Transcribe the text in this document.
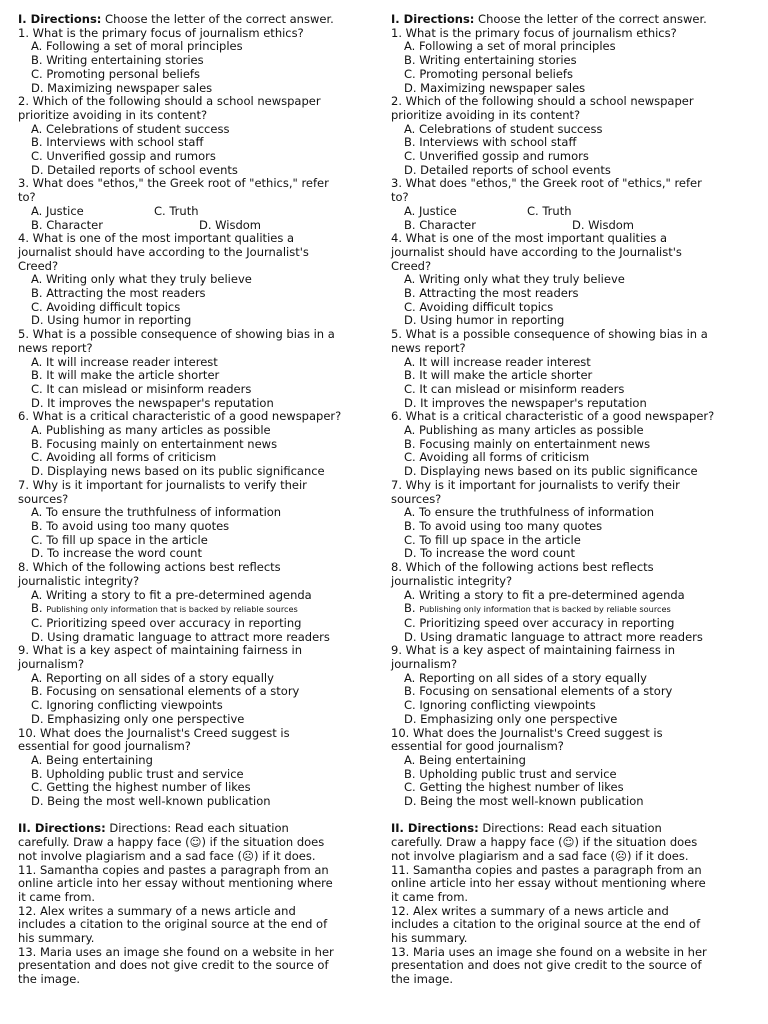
I. Directions: Choose the letter of the correct answer.
1. What is the primary focus of journalism ethics?
A. Following a set of moral principles
B. Writing entertaining stories
C. Promoting personal beliefs
D. Maximizing newspaper sales
2. Which of the following should a school newspaper
prioritize avoiding in its content?
A. Celebrations of student success
B. Interviews with school staff
C. Unverified gossip and rumors
D. Detailed reports of school events
3. What does "ethos," the Greek root of "ethics," refer
to?
A. Justice	C. Truth
B. Character	D. Wisdom
4. What is one of the most important qualities a
journalist should have according to the Journalist's
Creed?
A. Writing only what they truly believe
B. Attracting the most readers
C. Avoiding difficult topics
D. Using humor in reporting
5. What is a possible consequence of showing bias in a
news report?
A. It will increase reader interest
B. It will make the article shorter
C. It can mislead or misinform readers
D. It improves the newspaper's reputation
6. What is a critical characteristic of a good newspaper?
A. Publishing as many articles as possible
B. Focusing mainly on entertainment news
C. Avoiding all forms of criticism
D. Displaying news based on its public significance
7. Why is it important for journalists to verify their
sources?
A. To ensure the truthfulness of information
B. To avoid using too many quotes
C. To fill up space in the article
D. To increase the word count
8. Which of the following actions best reflects
journalistic integrity?
A. Writing a story to fit a pre-determined agenda
B. Publishing only information that is backed by reliable sources
C. Prioritizing speed over accuracy in reporting
D. Using dramatic language to attract more readers
9. What is a key aspect of maintaining fairness in
journalism?
A. Reporting on all sides of a story equally
B. Focusing on sensational elements of a story
C. Ignoring conflicting viewpoints
D. Emphasizing only one perspective
10. What does the Journalist's Creed suggest is
essential for good journalism?
A. Being entertaining
B. Upholding public trust and service
C. Getting the highest number of likes
D. Being the most well-known publication
II. Directions: Directions: Read each situation
carefully. Draw a happy face (☺) if the situation does
not involve plagiarism and a sad face (☹) if it does.
11. Samantha copies and pastes a paragraph from an
online article into her essay without mentioning where
it came from.
12. Alex writes a summary of a news article and
includes a citation to the original source at the end of
his summary.
13. Maria uses an image she found on a website in her
presentation and does not give credit to the source of
the image.
I. Directions: Choose the letter of the correct answer.
1. What is the primary focus of journalism ethics?
A. Following a set of moral principles
B. Writing entertaining stories
C. Promoting personal beliefs
D. Maximizing newspaper sales
2. Which of the following should a school newspaper
prioritize avoiding in its content?
A. Celebrations of student success
B. Interviews with school staff
C. Unverified gossip and rumors
D. Detailed reports of school events
3. What does "ethos," the Greek root of "ethics," refer
to?
A. Justice	C. Truth
B. Character	D. Wisdom
4. What is one of the most important qualities a
journalist should have according to the Journalist's
Creed?
A. Writing only what they truly believe
B. Attracting the most readers
C. Avoiding difficult topics
D. Using humor in reporting
5. What is a possible consequence of showing bias in a
news report?
A. It will increase reader interest
B. It will make the article shorter
C. It can mislead or misinform readers
D. It improves the newspaper's reputation
6. What is a critical characteristic of a good newspaper?
A. Publishing as many articles as possible
B. Focusing mainly on entertainment news
C. Avoiding all forms of criticism
D. Displaying news based on its public significance
7. Why is it important for journalists to verify their
sources?
A. To ensure the truthfulness of information
B. To avoid using too many quotes
C. To fill up space in the article
D. To increase the word count
8. Which of the following actions best reflects
journalistic integrity?
A. Writing a story to fit a pre-determined agenda
B. Publishing only information that is backed by reliable sources
C. Prioritizing speed over accuracy in reporting
D. Using dramatic language to attract more readers
9. What is a key aspect of maintaining fairness in
journalism?
A. Reporting on all sides of a story equally
B. Focusing on sensational elements of a story
C. Ignoring conflicting viewpoints
D. Emphasizing only one perspective
10. What does the Journalist's Creed suggest is
essential for good journalism?
A. Being entertaining
B. Upholding public trust and service
C. Getting the highest number of likes
D. Being the most well-known publication
II. Directions: Directions: Read each situation
carefully. Draw a happy face (☺) if the situation does
not involve plagiarism and a sad face (☹) if it does.
11. Samantha copies and pastes a paragraph from an
online article into her essay without mentioning where
it came from.
12. Alex writes a summary of a news article and
includes a citation to the original source at the end of
his summary.
13. Maria uses an image she found on a website in her
presentation and does not give credit to the source of
the image.
